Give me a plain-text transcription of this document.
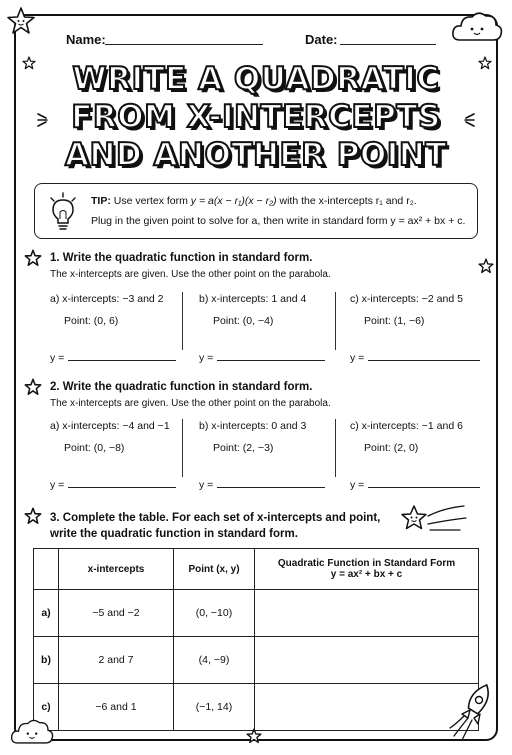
Name:	Date:
WRITE A QUADRATIC
FROM X-INTERCEPTS
AND ANOTHER POINT
TIP: Use vertex form y = a(x − r₁)(x − r₂) with the x-intercepts r₁ and r₂.
Plug in the given point to solve for a, then write in standard form y = ax² + bx + c.
1. Write the quadratic function in standard form.
The x-intercepts are given. Use the other point on the parabola.
a) x-intercepts: −3 and 2
Point: (0, 6)
b) x-intercepts: 1 and 4
Point: (0, −4)
c) x-intercepts: −2 and 5
Point: (1, −6)
y =	y =	y =
2. Write the quadratic function in standard form.
The x-intercepts are given. Use the other point on the parabola.
a) x-intercepts: −4 and −1
Point: (0, −8)
b) x-intercepts: 0 and 3
Point: (2, −3)
c) x-intercepts: −1 and 6
Point: (2, 0)
y =	y =	y =
3. Complete the table. For each set of x-intercepts and point,
write the quadratic function in standard form.
	x-intercepts	Point (x, y)	Quadratic Function in Standard Form
y = ax² + bx + c

a)	−5 and −2	(0, −10)	
b)	2 and 7	(4, −9)	
c)	−6 and 1	(−1, 14)	
